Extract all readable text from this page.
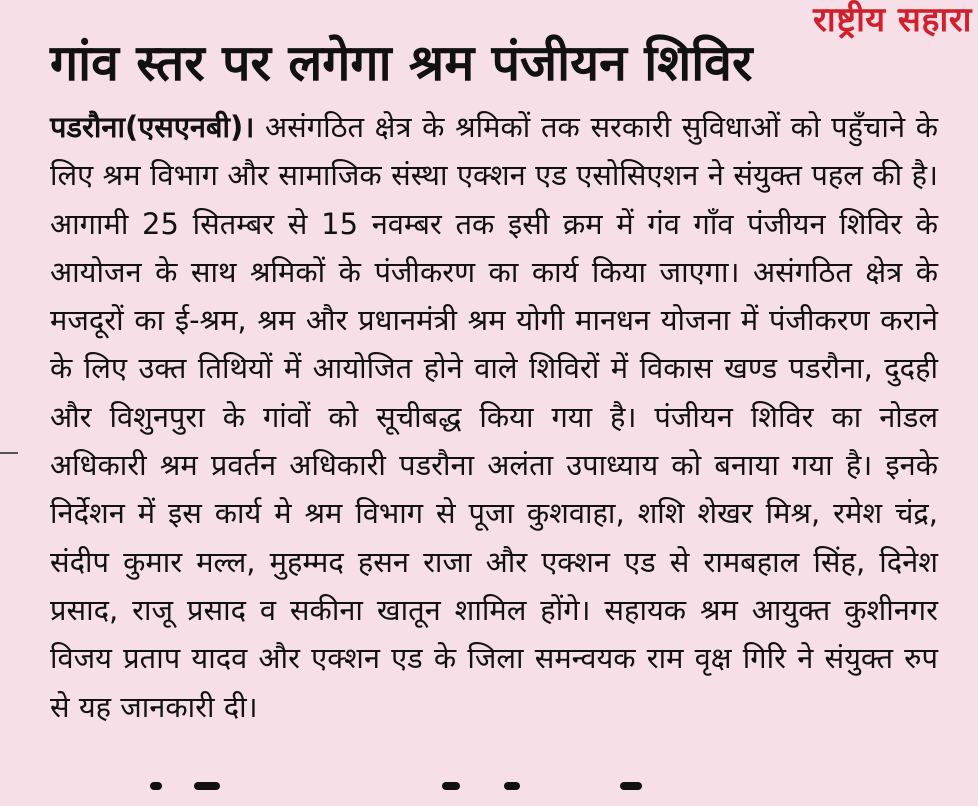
राष्ट्रीय सहारा
गांव स्तर पर लगेगा श्रम पंजीयन शिविर
पडरौना(एसएनबी)। असंगठित क्षेत्र के श्रमिकों तक सरकारी सुविधाओं को पहुँचाने के लिए श्रम विभाग और सामाजिक संस्था एक्शन एड एसोसिएशन ने संयुक्त पहल की है। आगामी 25 सितम्बर से 15 नवम्बर तक इसी क्रम में गंव गाँव पंजीयन शिविर के आयोजन के साथ श्रमिकों के पंजीकरण का कार्य किया जाएगा। असंगठित क्षेत्र के मजदूरों का ई-श्रम, श्रम और प्रधानमंत्री श्रम योगी मानधन योजना में पंजीकरण कराने के लिए उक्त तिथियों में आयोजित होने वाले शिविरों में विकास खण्ड पडरौना, दुदही और विशुनपुरा के गांवों को सूचीबद्ध किया गया है। पंजीयन शिविर का नोडल अधिकारी श्रम प्रवर्तन अधिकारी पडरौना अलंता उपाध्याय को बनाया गया है। इनके निर्देशन में इस कार्य मे श्रम विभाग से पूजा कुशवाहा, शशि शेखर मिश्र, रमेश चंद्र, संदीप कुमार मल्ल, मुहम्मद हसन राजा और एक्शन एड से रामबहाल सिंह, दिनेश प्रसाद, राजू प्रसाद व सकीना खातून शामिल होंगे। सहायक श्रम आयुक्त कुशीनगर विजय प्रताप यादव और एक्शन एड के जिला समन्वयक राम वृक्ष गिरि ने संयुक्त रुप से यह जानकारी दी।
